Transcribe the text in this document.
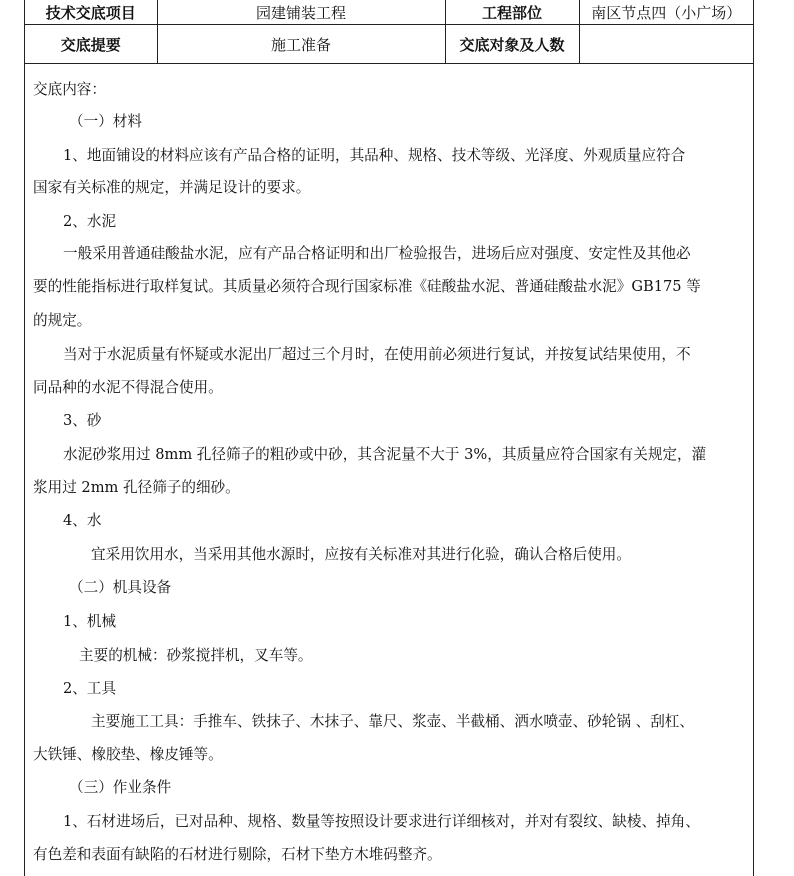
技术交底项目	园建铺装工程	工程部位	南区节点四（小广场）
交底提要	施工准备	交底对象及人数	
交底内容：
（一）材料
1、地面铺设的材料应该有产品合格的证明，其品种、规格、技术等级、光泽度、外观质量应符合
国家有关标准的规定，并满足设计的要求。
2、水泥
一般采用普通硅酸盐水泥，应有产品合格证明和出厂检验报告，进场后应对强度、安定性及其他必
要的性能指标进行取样复试。其质量必须符合现行国家标准《硅酸盐水泥、普通硅酸盐水泥》GB175 等
的规定。
当对于水泥质量有怀疑或水泥出厂超过三个月时，在使用前必须进行复试，并按复试结果使用，不
同品种的水泥不得混合使用。
3、砂
水泥砂浆用过 8mm 孔径筛子的粗砂或中砂，其含泥量不大于 3%，其质量应符合国家有关规定，灌
浆用过 2mm 孔径筛子的细砂。
4、水
宜采用饮用水，当采用其他水源时，应按有关标准对其进行化验，确认合格后使用。
（二）机具设备
1、机械
主要的机械：砂浆搅拌机，叉车等。
2、工具
主要施工工具：手推车、铁抹子、木抹子、靠尺、浆壶、半截桶、洒水喷壶、砂轮锅 、刮杠、
大铁锤、橡胶垫、橡皮锤等。
（三）作业条件
1、石材进场后，已对品种、规格、数量等按照设计要求进行详细核对，并对有裂纹、缺棱、掉角、
有色差和表面有缺陷的石材进行剔除，石材下垫方木堆码整齐。
